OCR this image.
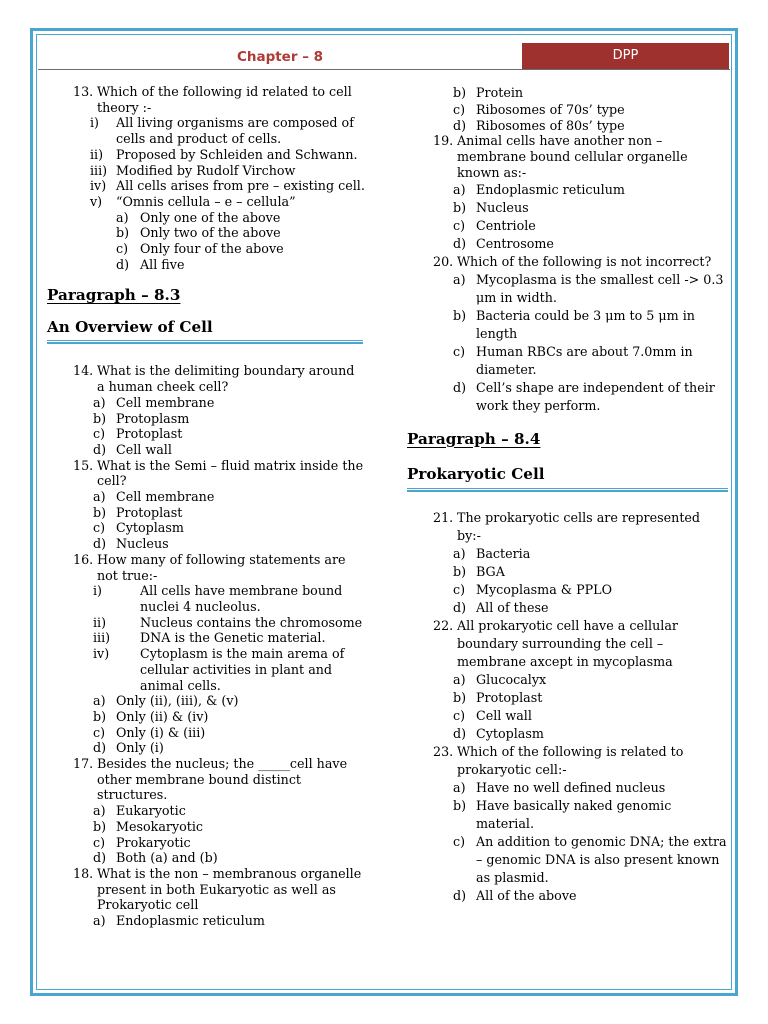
Chapter – 8	DPP
13. Which of the following id related to cell theory :-
i) All living organisms are composed of cells and product of cells.
ii) Proposed by Schleiden and Schwann.
iii) Modified by Rudolf Virchow
iv) All cells arises from pre – existing cell.
v) “Omnis cellula – e – cellula”
a) Only one of the above
b) Only two of the above
c) Only four of the above
d) All five
Paragraph – 8.3
An Overview of Cell
14. What is the delimiting boundary around a human cheek cell?
a) Cell membrane
b) Protoplasm
c) Protoplast
d) Cell wall
15. What is the Semi – fluid matrix inside the cell?
a) Cell membrane
b) Protoplast
c) Cytoplasm
d) Nucleus
16. How many of following statements are not true:-
i)	All cells have membrane bound nuclei 4 nucleolus.
ii)	Nucleus contains the chromosome
iii) DNA is the Genetic material.
iv) Cytoplasm is the main arema of cellular activities in plant and animal cells.
a) Only (ii), (iii), & (v)
b) Only (ii) & (iv)
c) Only (i) & (iii)
d) Only (i)
17. Besides the nucleus; the _____cell have other membrane bound distinct structures.
a) Eukaryotic
b) Mesokaryotic
c) Prokaryotic
d) Both (a) and (b)
18. What is the non – membranous organelle present in both Eukaryotic as well as Prokaryotic cell
a) Endoplasmic reticulum
b) Protein
c) Ribosomes of 70s’ type
d) Ribosomes of 80s’ type
19. Animal cells have another non – membrane bound cellular organelle known as:-
a) Endoplasmic reticulum
b) Nucleus
c) Centriole
d) Centrosome
20. Which of the following is not incorrect?
a) Mycoplasma is the smallest cell -> 0.3 μm in width.
b) Bacteria could be 3 μm to 5 μm in length
c) Human RBCs are about 7.0mm in diameter.
d) Cell’s shape are independent of their work they perform.
Paragraph – 8.4
Prokaryotic Cell
21. The prokaryotic cells are represented by:-
a) Bacteria
b) BGA
c) Mycoplasma & PPLO
d) All of these
22. All prokaryotic cell have a cellular boundary surrounding the cell – membrane axcept in mycoplasma
a) Glucocalyx
b) Protoplast
c) Cell wall
d) Cytoplasm
23. Which of the following is related to prokaryotic cell:-
a) Have no well defined nucleus
b) Have basically naked genomic material.
c) An addition to genomic DNA; the extra – genomic DNA is also present known as plasmid.
d) All of the above
